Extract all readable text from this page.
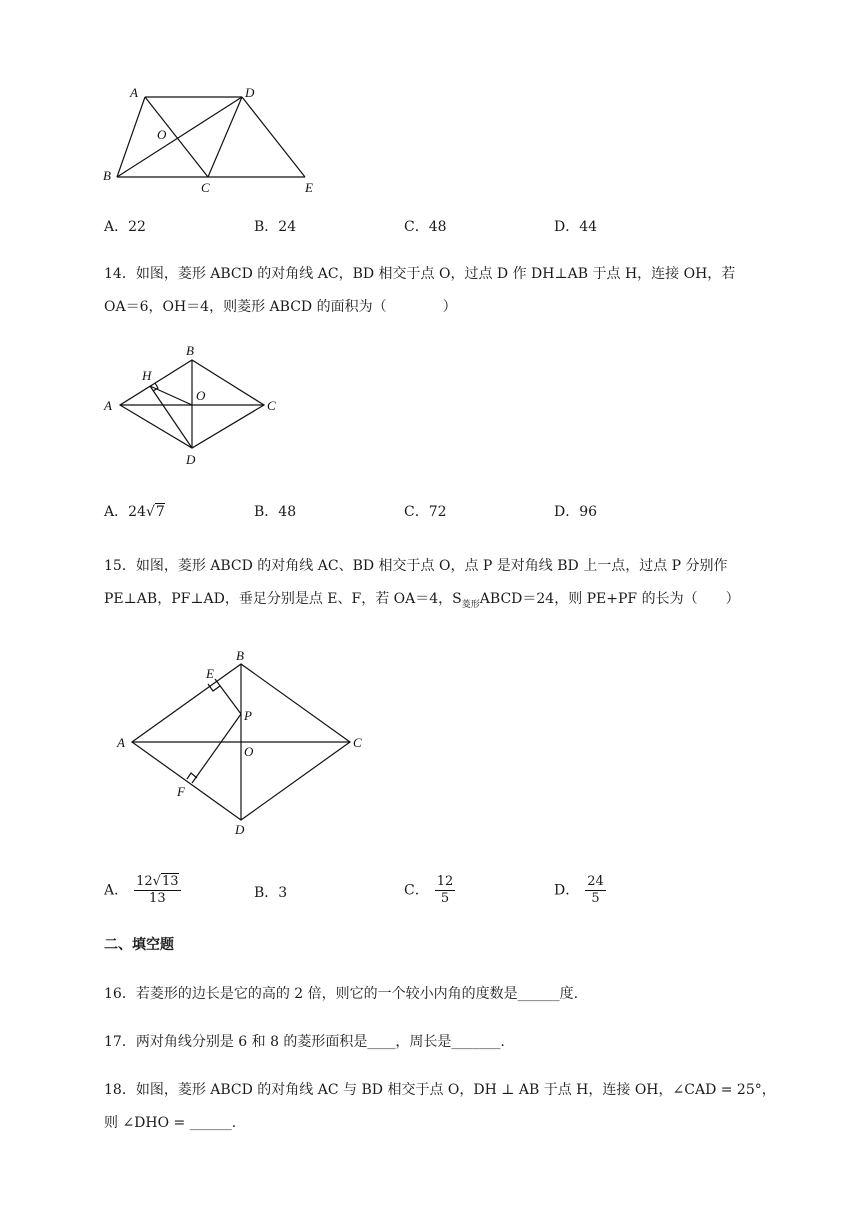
A	D
O
B
C	E
A．22	B．24	C．48	D．44
14．如图，菱形 ABCD 的对角线 AC，BD 相交于点 O，过点 D 作 DH⊥AB 于点 H，连接 OH，若
OA＝6，OH＝4，则菱形 ABCD 的面积为（　　　　）
B
H
O
A	C
D
A．24√7	B．48	C．72	D．96
15．如图，菱形 ABCD 的对角线 AC、BD 相交于点 O，点 P 是对角线 BD 上一点，过点 P 分别作
PE⊥AB，PF⊥AD，垂足分别是点 E、F，若 OA＝4，$S_{菱形}ABCD=24$，则 PE+PF 的长为（　　）
B
E
P
A
O
C
F
D
A． $\frac{12√13}{13}$	B．3	C． $\frac{12}{5}$	D． $\frac{24}{5}$
二、填空题
16．若菱形的边长是它的高的 2 倍，则它的一个较小内角的度数是______度.
17．两对角线分别是 6 和 8 的菱形面积是____，周长是_______.
18．如图，菱形 ABCD 的对角线 AC 与 BD 相交于点 O，DH ⊥ AB 于点 H，连接 OH，∠CAD = 25°，
则 ∠DHO = ______.
